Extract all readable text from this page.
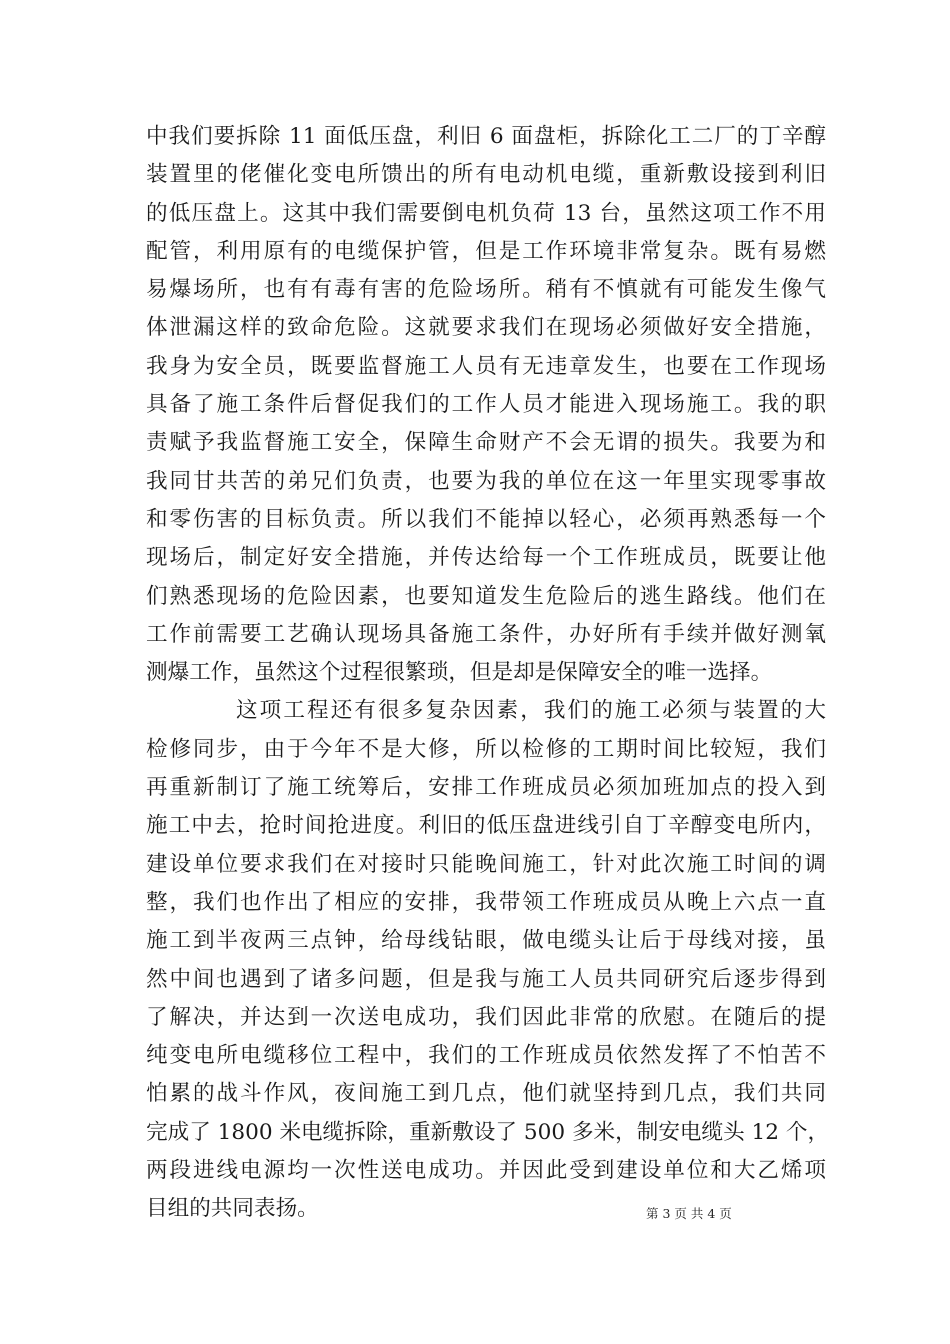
中我们要拆除 11 面低压盘，利旧 6 面盘柜，拆除化工二厂的丁辛醇
装置里的佬催化变电所馈出的所有电动机电缆，重新敷设接到利旧
的低压盘上。这其中我们需要倒电机负荷 13 台，虽然这项工作不用
配管，利用原有的电缆保护管，但是工作环境非常复杂。既有易燃
易爆场所，也有有毒有害的危险场所。稍有不慎就有可能发生像气
体泄漏这样的致命危险。这就要求我们在现场必须做好安全措施，
我身为安全员，既要监督施工人员有无违章发生，也要在工作现场
具备了施工条件后督促我们的工作人员才能进入现场施工。我的职
责赋予我监督施工安全，保障生命财产不会无谓的损失。我要为和
我同甘共苦的弟兄们负责，也要为我的单位在这一年里实现零事故
和零伤害的目标负责。所以我们不能掉以轻心，必须再熟悉每一个
现场后，制定好安全措施，并传达给每一个工作班成员，既要让他
们熟悉现场的危险因素，也要知道发生危险后的逃生路线。他们在
工作前需要工艺确认现场具备施工条件，办好所有手续并做好测氧
测爆工作，虽然这个过程很繁琐，但是却是保障安全的唯一选择。
这项工程还有很多复杂因素，我们的施工必须与装置的大
检修同步，由于今年不是大修，所以检修的工期时间比较短，我们
再重新制订了施工统筹后，安排工作班成员必须加班加点的投入到
施工中去，抢时间抢进度。利旧的低压盘进线引自丁辛醇变电所内，
建设单位要求我们在对接时只能晚间施工，针对此次施工时间的调
整，我们也作出了相应的安排，我带领工作班成员从晚上六点一直
施工到半夜两三点钟，给母线钻眼，做电缆头让后于母线对接，虽
然中间也遇到了诸多问题，但是我与施工人员共同研究后逐步得到
了解决，并达到一次送电成功，我们因此非常的欣慰。在随后的提
纯变电所电缆移位工程中，我们的工作班成员依然发挥了不怕苦不
怕累的战斗作风，夜间施工到几点，他们就坚持到几点，我们共同
完成了 1800 米电缆拆除，重新敷设了 500 多米，制安电缆头 12 个，
两段进线电源均一次性送电成功。并因此受到建设单位和大乙烯项
目组的共同表扬。	第 3 页 共 4 页
